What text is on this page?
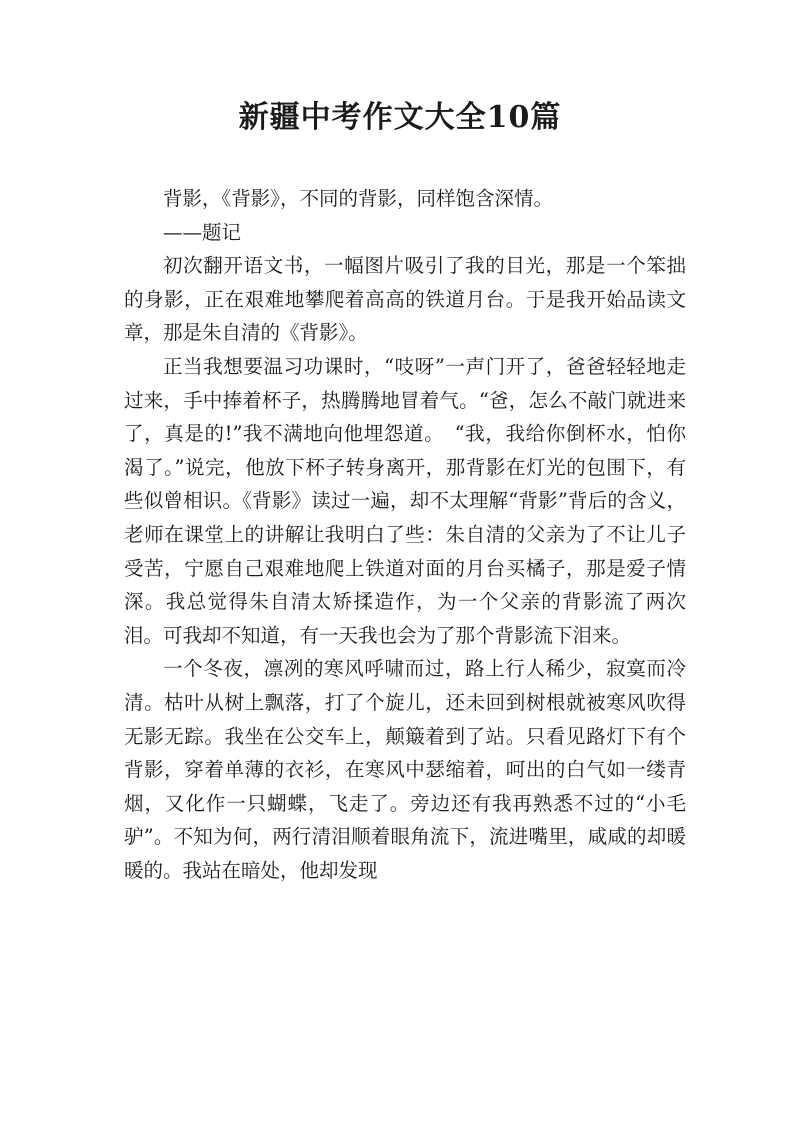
新疆中考作文大全10篇

背影，《背影》，不同的背影，同样饱含深情。

——题记

初次翻开语文书，一幅图片吸引了我的目光，那是一个笨拙的身影，正在艰难地攀爬着高高的铁道月台。于是我开始品读文章，那是朱自清的《背影》。

正当我想要温习功课时，“吱呀”一声门开了，爸爸轻轻地走过来，手中捧着杯子，热腾腾地冒着气。“爸，怎么不敲门就进来了，真是的!”我不满地向他埋怨道。　“我，我给你倒杯水，怕你渴了。”说完，他放下杯子转身离开，那背影在灯光的包围下，有些似曾相识。《背影》读过一遍，却不太理解“背影”背后的含义，老师在课堂上的讲解让我明白了些：朱自清的父亲为了不让儿子受苦，宁愿自己艰难地爬上铁道对面的月台买橘子，那是爱子情深。我总觉得朱自清太矫揉造作，为一个父亲的背影流了两次泪。可我却不知道，有一天我也会为了那个背影流下泪来。

一个冬夜，凛冽的寒风呼啸而过，路上行人稀少，寂寞而冷清。枯叶从树上飘落，打了个旋儿，还未回到树根就被寒风吹得无影无踪。我坐在公交车上，颠簸着到了站。只看见路灯下有个背影，穿着单薄的衣衫，在寒风中瑟缩着，呵出的白气如一缕青烟，又化作一只蝴蝶，飞走了。旁边还有我再熟悉不过的“小毛驴”。不知为何，两行清泪顺着眼角流下，流进嘴里，咸咸的却暖暖的。我站在暗处，他却发现
